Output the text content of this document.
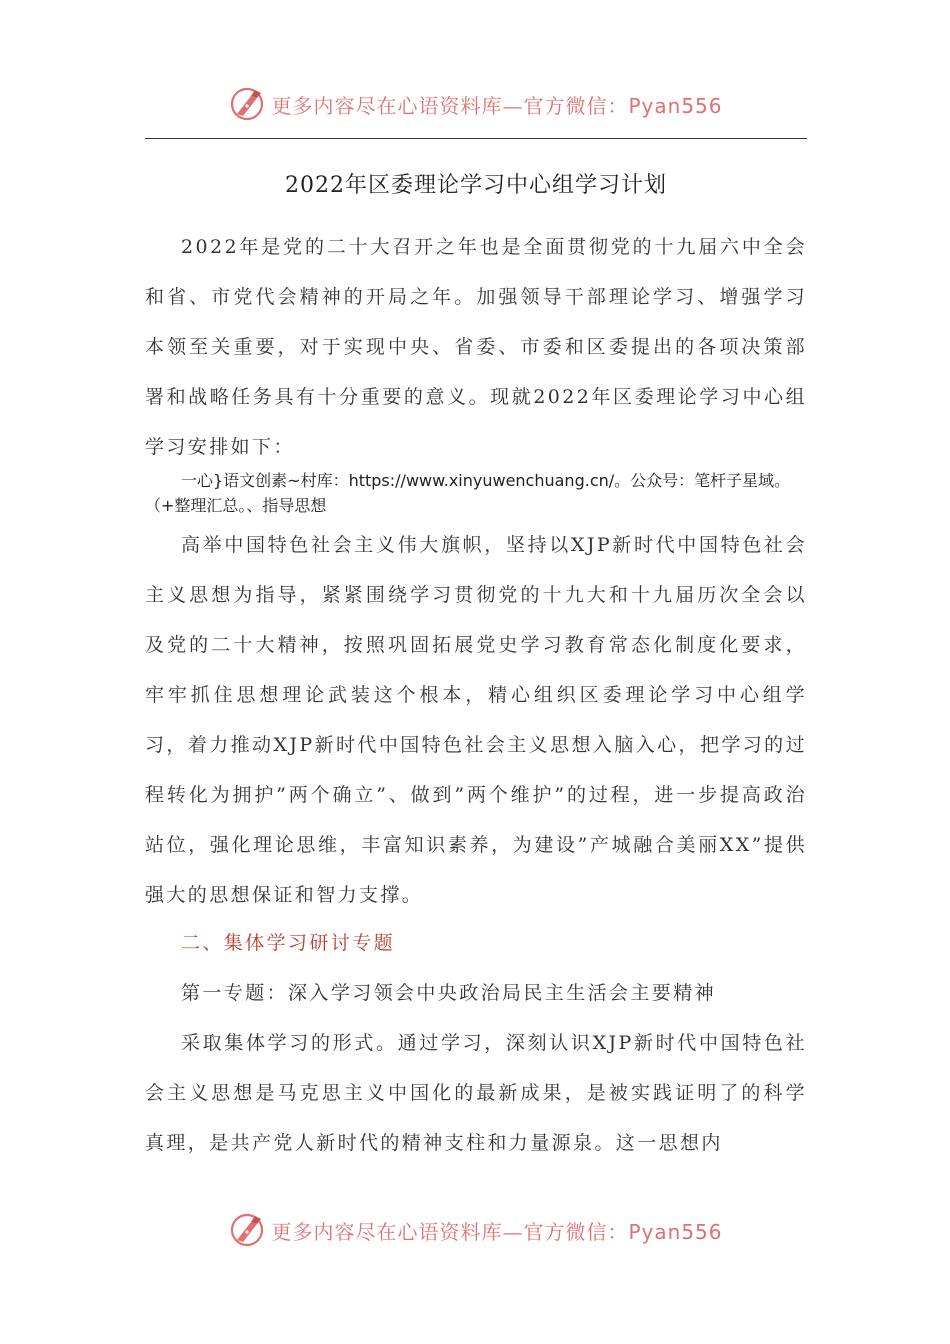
更多内容尽在心语资料库—官方微信：Pyan556
2022年区委理论学习中心组学习计划
2022年是党的二十大召开之年也是全面贯彻党的十九届六中全会和省、市党代会精神的开局之年。加强领导干部理论学习、增强学习本领至关重要，对于实现中央、省委、市委和区委提出的各项决策部署和战略任务具有十分重要的意义。现就2022年区委理论学习中心组学习安排如下：
一心}语文创素~村库：https://www.xinyuwenchuang.cn/。公众号：笔杆子星域。（+整理汇总。、指导思想
高举中国特色社会主义伟大旗帜，坚持以XJP新时代中国特色社会主义思想为指导，紧紧围绕学习贯彻党的十九大和十九届历次全会以及党的二十大精神，按照巩固拓展党史学习教育常态化制度化要求，牢牢抓住思想理论武装这个根本，精心组织区委理论学习中心组学习，着力推动XJP新时代中国特色社会主义思想入脑入心，把学习的过程转化为拥护”两个确立”、做到”两个维护”的过程，进一步提高政治站位，强化理论思维，丰富知识素养，为建设”产城融合美丽XX”提供强大的思想保证和智力支撑。
二、集体学习研讨专题
第一专题：深入学习领会中央政治局民主生活会主要精神
采取集体学习的形式。通过学习，深刻认识XJP新时代中国特色社会主义思想是马克思主义中国化的最新成果，是被实践证明了的科学真理，是共产党人新时代的精神支柱和力量源泉。这一思想内
更多内容尽在心语资料库—官方微信：Pyan556
